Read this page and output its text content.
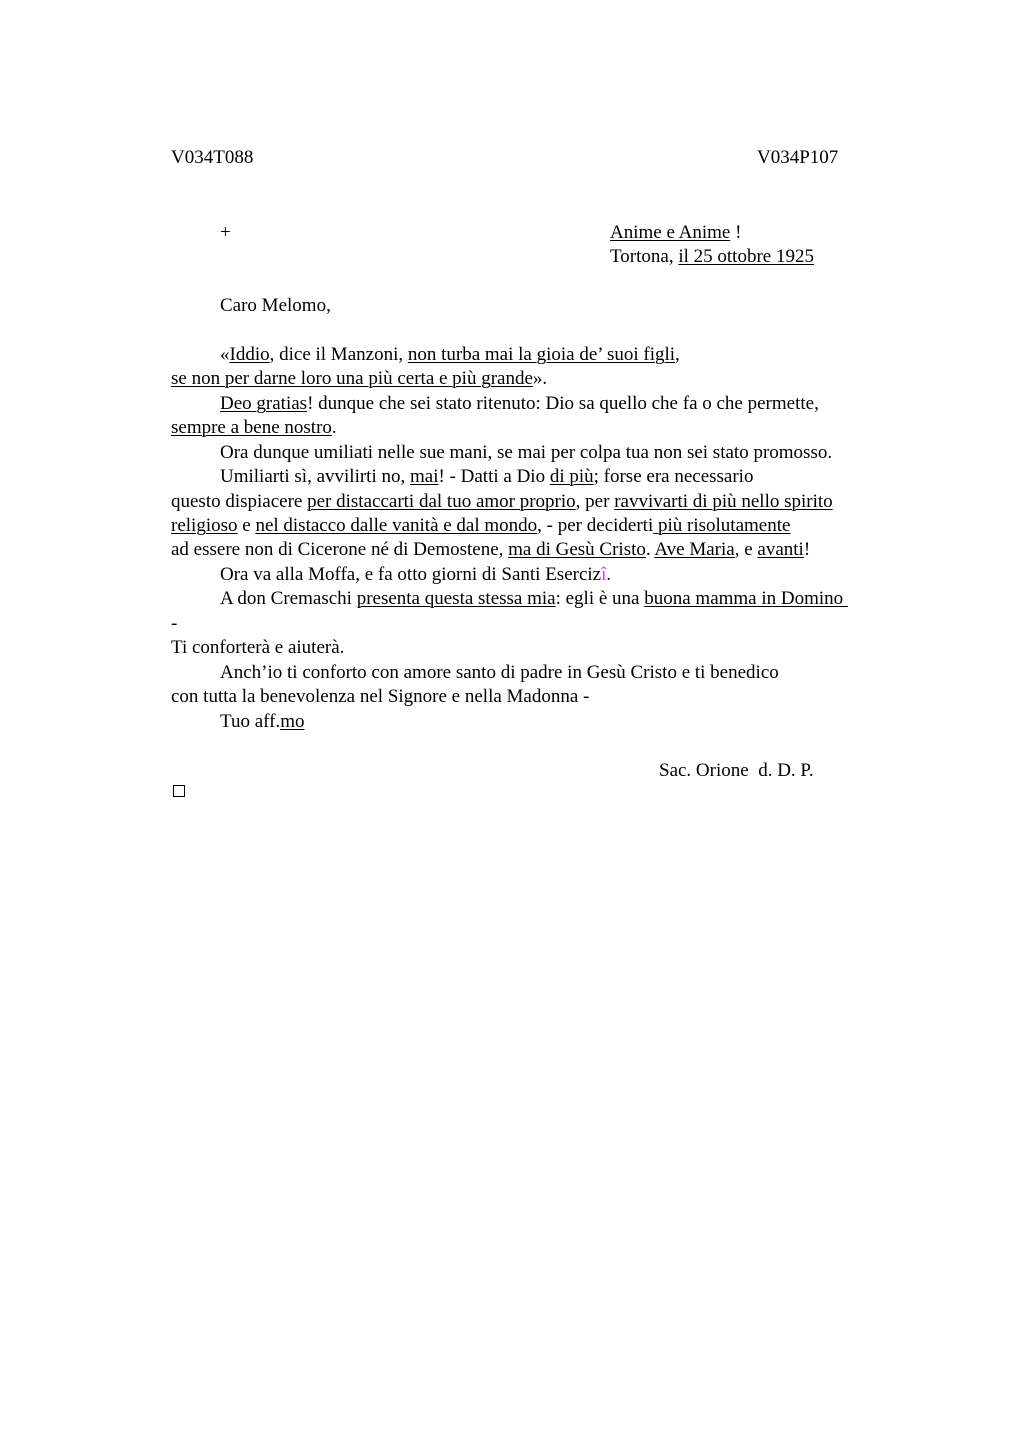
V034T088	V034P107
+	Anime e Anime !
Tortona, il 25 ottobre 1925
Caro Melomo,
«Iddio, dice il Manzoni, non turba mai la gioia de’ suoi figli,
se non per darne loro una più certa e più grande».
Deo gratias! dunque che sei stato ritenuto: Dio sa quello che fa o che permette,
sempre a bene nostro.
Ora dunque umiliati nelle sue mani, se mai per colpa tua non sei stato promosso.
Umiliarti sì, avvilirti no, mai! - Datti a Dio di più; forse era necessario
questo dispiacere per distaccarti dal tuo amor proprio, per ravvivarti di più nello spirito
religioso e nel distacco dalle vanità e dal mondo, - per deciderti più risolutamente
ad essere non di Cicerone né di Demostene, ma di Gesù Cristo. Ave Maria, e avanti!
Ora va alla Moffa, e fa otto giorni di Santi Esercizî.
A don Cremaschi presenta questa stessa mia: egli è una buona mamma in Domino
-
Ti conforterà e aiuterà.
Anch’io ti conforto con amore santo di padre in Gesù Cristo e ti benedico
con tutta la benevolenza nel Signore e nella Madonna -
Tuo aff.mo
Sac. Orione  d. D. P.
